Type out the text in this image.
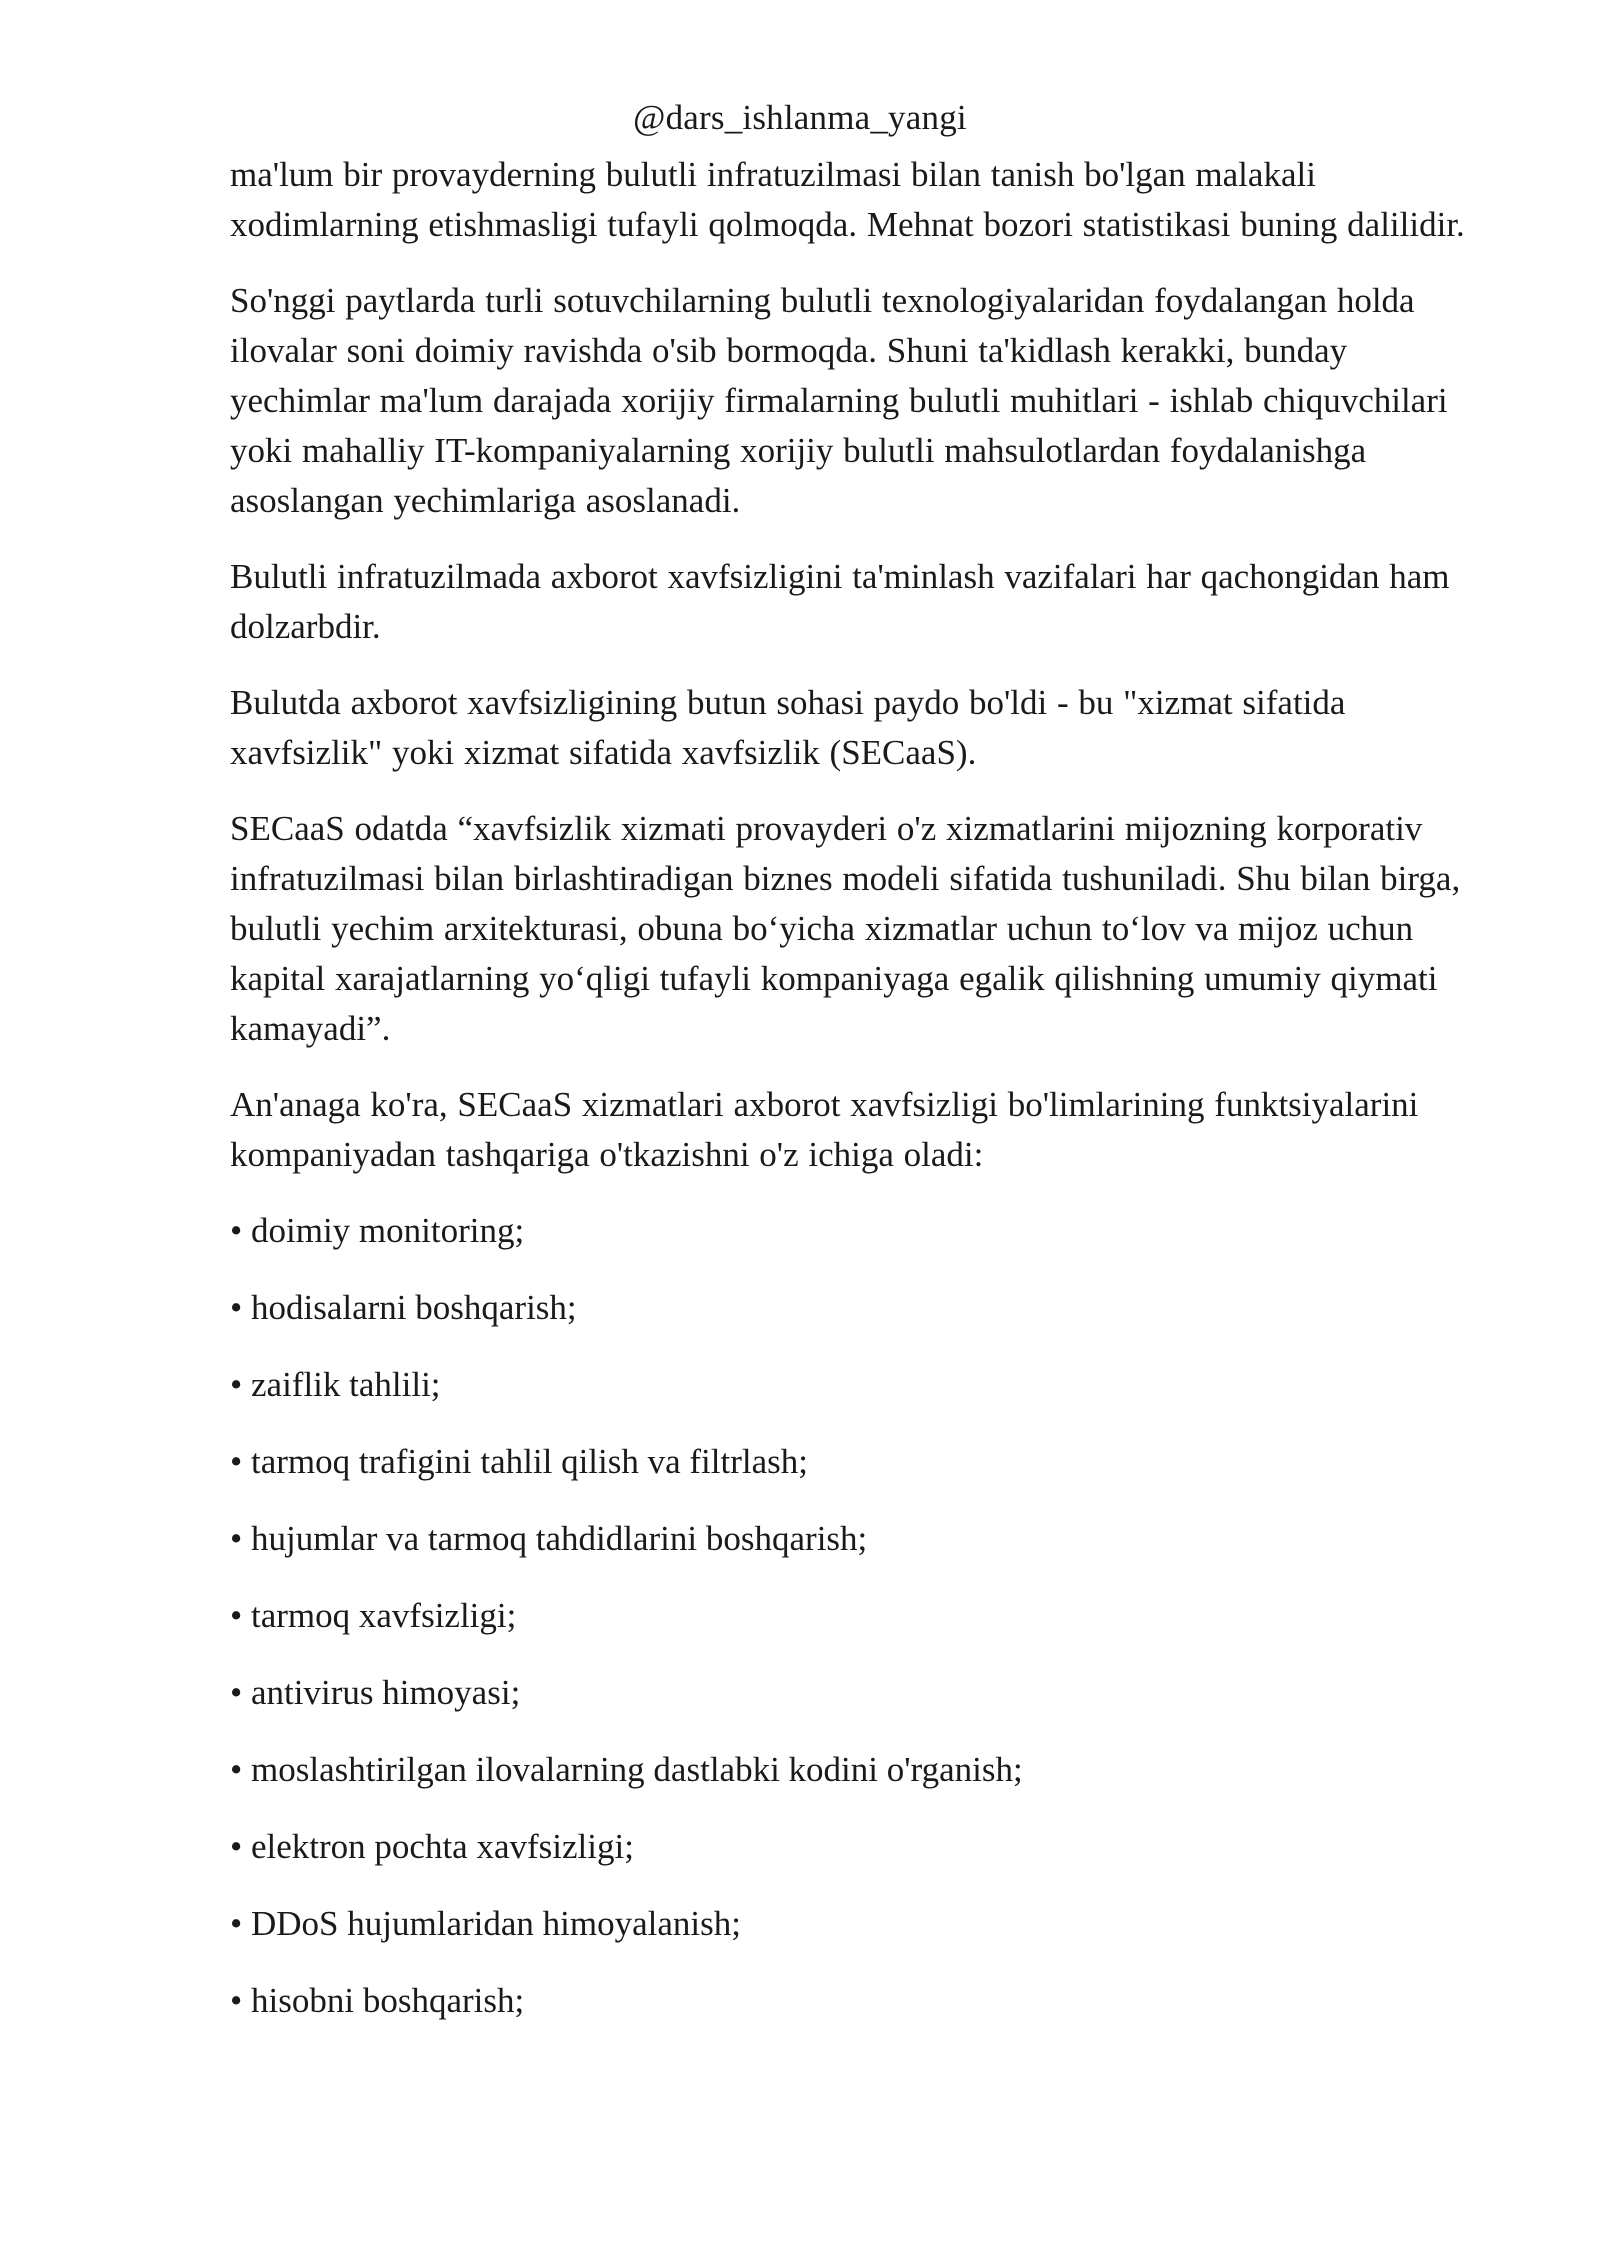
@dars_ishlanma_yangi

ma'lum bir provayderning bulutli infratuzilmasi bilan tanish bo'lgan malakali xodimlarning etishmasligi tufayli qolmoqda. Mehnat bozori statistikasi buning dalilidir.

So'nggi paytlarda turli sotuvchilarning bulutli texnologiyalaridan foydalangan holda ilovalar soni doimiy ravishda o'sib bormoqda. Shuni ta'kidlash kerakki, bunday yechimlar ma'lum darajada xorijiy firmalarning bulutli muhitlari - ishlab chiquvchilari yoki mahalliy IT-kompaniyalarning xorijiy bulutli mahsulotlardan foydalanishga asoslangan yechimlariga asoslanadi.

Bulutli infratuzilmada axborot xavfsizligini ta'minlash vazifalari har qachongidan ham dolzarbdir.

Bulutda axborot xavfsizligining butun sohasi paydo bo'ldi - bu "xizmat sifatida xavfsizlik" yoki xizmat sifatida xavfsizlik (SECaaS).

SECaaS odatda “xavfsizlik xizmati provayderi o'z xizmatlarini mijozning korporativ infratuzilmasi bilan birlashtiradigan biznes modeli sifatida tushuniladi. Shu bilan birga, bulutli yechim arxitekturasi, obuna boʻyicha xizmatlar uchun toʻlov va mijoz uchun kapital xarajatlarning yoʻqligi tufayli kompaniyaga egalik qilishning umumiy qiymati kamayadi”.

An'anaga ko'ra, SECaaS xizmatlari axborot xavfsizligi bo'limlarining funktsiyalarini kompaniyadan tashqariga o'tkazishni o'z ichiga oladi:

• doimiy monitoring;
• hodisalarni boshqarish;
• zaiflik tahlili;
• tarmoq trafigini tahlil qilish va filtrlash;
• hujumlar va tarmoq tahdidlarini boshqarish;
• tarmoq xavfsizligi;
• antivirus himoyasi;
• moslashtirilgan ilovalarning dastlabki kodini o'rganish;
• elektron pochta xavfsizligi;
• DDoS hujumlaridan himoyalanish;
• hisobni boshqarish;
